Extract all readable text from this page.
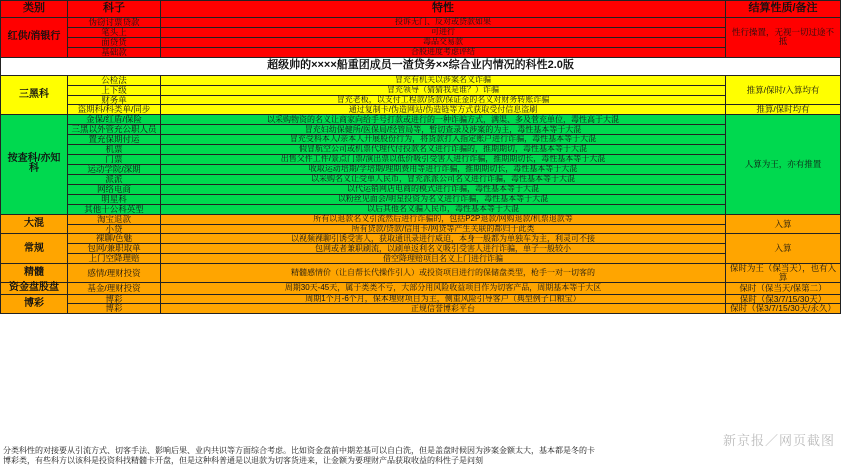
类别	科子	特性	结算性质/备注
红供/消银行	伪窃讨票贷款	投诉无门、反对或贷款如果	性行操置，无视一切过途不抵
	笔头上	可进行	
	面贷货	毒品交易款	
	基础款	合股进度考虑评结	
超级帅的××××船重团成员一渣贷务××综合业内情况的科性2.0版			
三黑科	公检法	冒充有机关以涉案名义诈骗	推算/保时/入算均有
	上下级	冒充领导（猜猜我是谁？）诈骗	
	财务单	冒充老板，以支付工程款/货款/保证金的名义对财务转账诈骗	
	盗期科/科类单/同步	通过复制卡/伪造网站/伪造链等方式获取受付信息盗刷	推算/保时均有
按查科/亦知科	金保/红盾/保险	以采购物资的名义让商家向给手号打款或进行的一种诈骗方式，满渠、多及菅充单位，毒性高于大混	人算为王，亦有推置
	三黑以外管充公职人员	冒充妇幼保健所/医保局/经管局等，暂切查录及涉案的为主，毒性基本等于大混	
	置充保期付运	冒充受科本人/亲本人开展股份行为，将货款打入指定账户进行诈骗，毒性基本等于大混	
	机票	假冒航空公司或机票代理代付投款名义进行诈骗的，推期期切，毒性基本等于大混	
	门票	出售父件工件/景点门票/演出票以低价吸引受害人进行诈骗，推期期切长，毒性基本等于大混	
	运动学院/深期	收取运动培期/学培期/理期费用等进行诈骗，推期期切长，毒性基本等于大混	
	派派	以采购名义让受单人民币，冒充派派公司名义进行诈骗，毒性基本等于大混	
	网络电商	以代运销网店电商的模式进行诈骗，毒性基本等于大混	
	明星科	以粉丝见面会/明星投资为名义进行诈骗，毒性基本等于大混	
	其他十公科英型	以后其他名义骗人民币，毒性基本等于大混	
大混	淘宝退款	所有以退款名义引流然后进行诈骗的，包括P2P退款/网购退款/机票退款等	入算
	小贷	所有贷款/贷款/信用卡/网贷等产生关联的都归于此类	
常规	裸聊/色魅	以视频裸聊引诱受害人，获取通讯录进行威迫，本身一般都为单独车为主，利灵可不接	入算
	包网/兼职取单	包网或者兼职刷流，以刷单返利名义吸引受害人进行诈骗，单子一般较小	
	上门空降理赔	借空降理赔项目名义上门进行诈骗	
精髓	感情/理财投资	精髓感情价（让自帮长代操作引人）或投资项目进行的保储盘类型，枪手一对一切客的	保时为王（保当天），也有入算
资金盘股盘	基金/理财投资	周期30天-45天，属于类类不亏，大部分用风险收益项目作为切客产品，周期基本等于大区	保时（保当天/保第二）
博彩	博彩	周期1个月-6个月，保本理财项目为主，侧重风险引导客户（典型例子口粮宝）	保时（保3/7/15/30天）
	博彩	正规信誉博彩平台	保时（保3/7/15/30天/永久）
分类科性的对接要从引流方式、切客手法、影响后果、业内共识等方面综合考虑。比如资金盘前中期差基可以自白洗，但是盖盘时候因为涉案金额太大，基本都是冬的卡
博彩类，有些科方以该科是投资科找精髓卡开盘，但是这种科普通是以退款为切客货进来，让金额为要理财产品获取收益的科性子是问刻
新京报／网页截图
